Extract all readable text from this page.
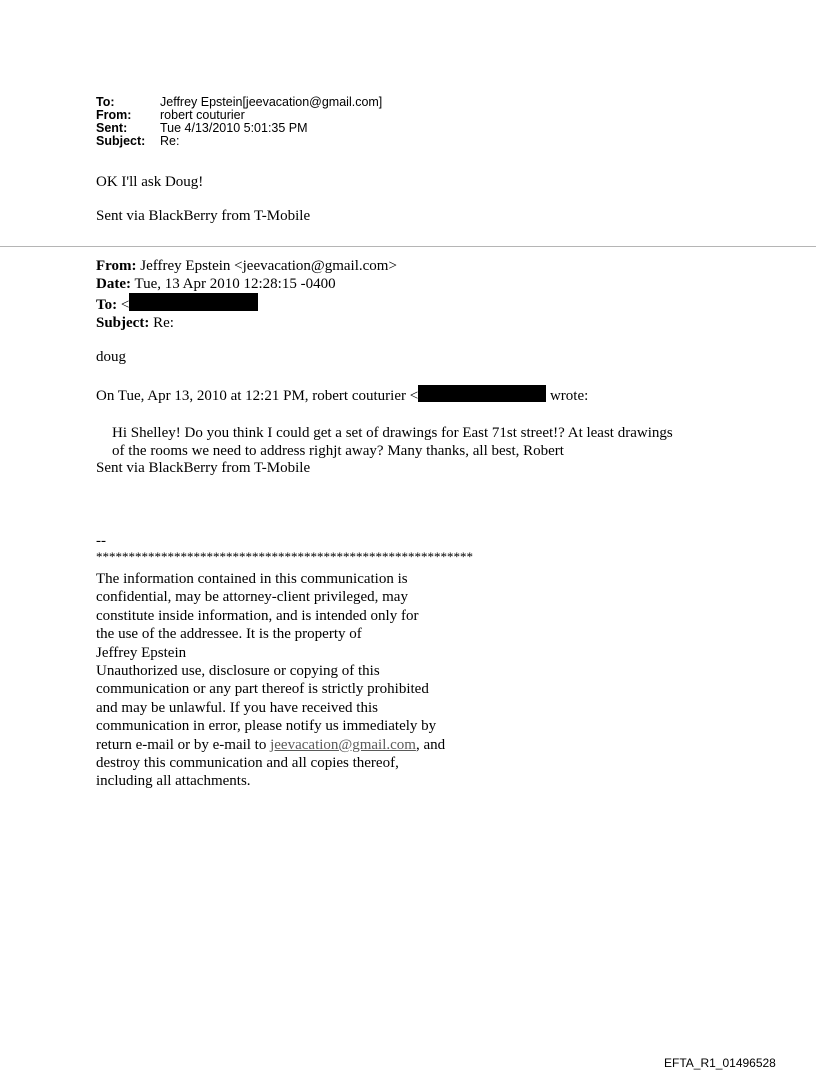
To:	Jeffrey Epstein[jeevacation@gmail.com]
From:	robert couturier
Sent:	Tue 4/13/2010 5:01:35 PM
Subject:	Re:
OK I'll ask Doug!
Sent via BlackBerry from T-Mobile
From: Jeffrey Epstein <jeevacation@gmail.com>
Date: Tue, 13 Apr 2010 12:28:15 -0400
To: <
Subject: Re:
doug
On Tue, Apr 13, 2010 at 12:21 PM, robert couturier <	wrote:
Hi Shelley! Do you think I could get a set of drawings for East 71st street!? At least drawings
of the rooms we need to address righjt away? Many thanks, all best, Robert
Sent via BlackBerry from T-Mobile
--
**********************************************************
The information contained in this communication is
confidential, may be attorney-client privileged, may
constitute inside information, and is intended only for
the use of the addressee. It is the property of
Jeffrey Epstein
Unauthorized use, disclosure or copying of this
communication or any part thereof is strictly prohibited
and may be unlawful. If you have received this
communication in error, please notify us immediately by
return e-mail or by e-mail to jeevacation@gmail.com, and
destroy this communication and all copies thereof,
including all attachments.
EFTA_R1_01496528
